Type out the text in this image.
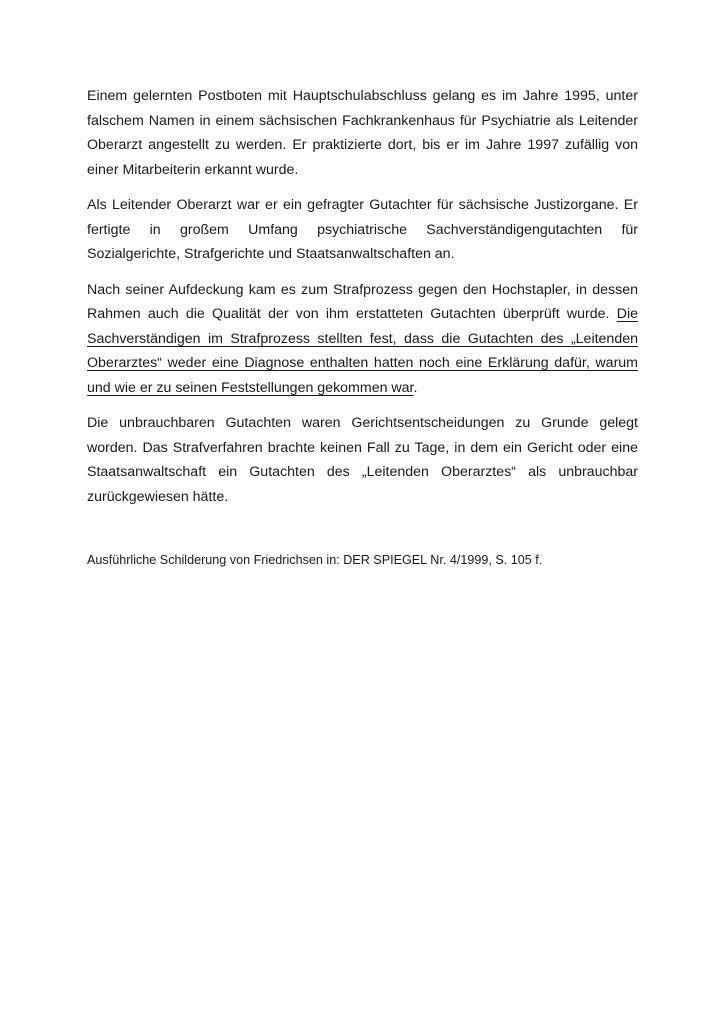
Einem gelernten Postboten mit Hauptschulabschluss gelang es im Jahre 1995, unter falschem Namen in einem sächsischen Fachkrankenhaus für Psychiatrie als Leitender Oberarzt angestellt zu werden. Er praktizierte dort, bis er im Jahre 1997 zufällig von einer Mitarbeiterin erkannt wurde.

Als Leitender Oberarzt war er ein gefragter Gutachter für sächsische Justizorgane. Er fertigte in großem Umfang psychiatrische Sachverständigengutachten für Sozialgerichte, Strafgerichte und Staatsanwaltschaften an.

Nach seiner Aufdeckung kam es zum Strafprozess gegen den Hochstapler, in dessen Rahmen auch die Qualität der von ihm erstatteten Gutachten überprüft wurde. Die Sachverständigen im Strafprozess stellten fest, dass die Gutachten des „Leitenden Oberarztes“ weder eine Diagnose enthalten hatten noch eine Erklärung dafür, warum und wie er zu seinen Feststellungen gekommen war.

Die unbrauchbaren Gutachten waren Gerichtsentscheidungen zu Grunde gelegt worden. Das Strafverfahren brachte keinen Fall zu Tage, in dem ein Gericht oder eine Staatsanwaltschaft ein Gutachten des „Leitenden Oberarztes“ als unbrauchbar zurückgewiesen hätte.

Ausführliche Schilderung von Friedrichsen in: DER SPIEGEL Nr. 4/1999, S. 105 f.
